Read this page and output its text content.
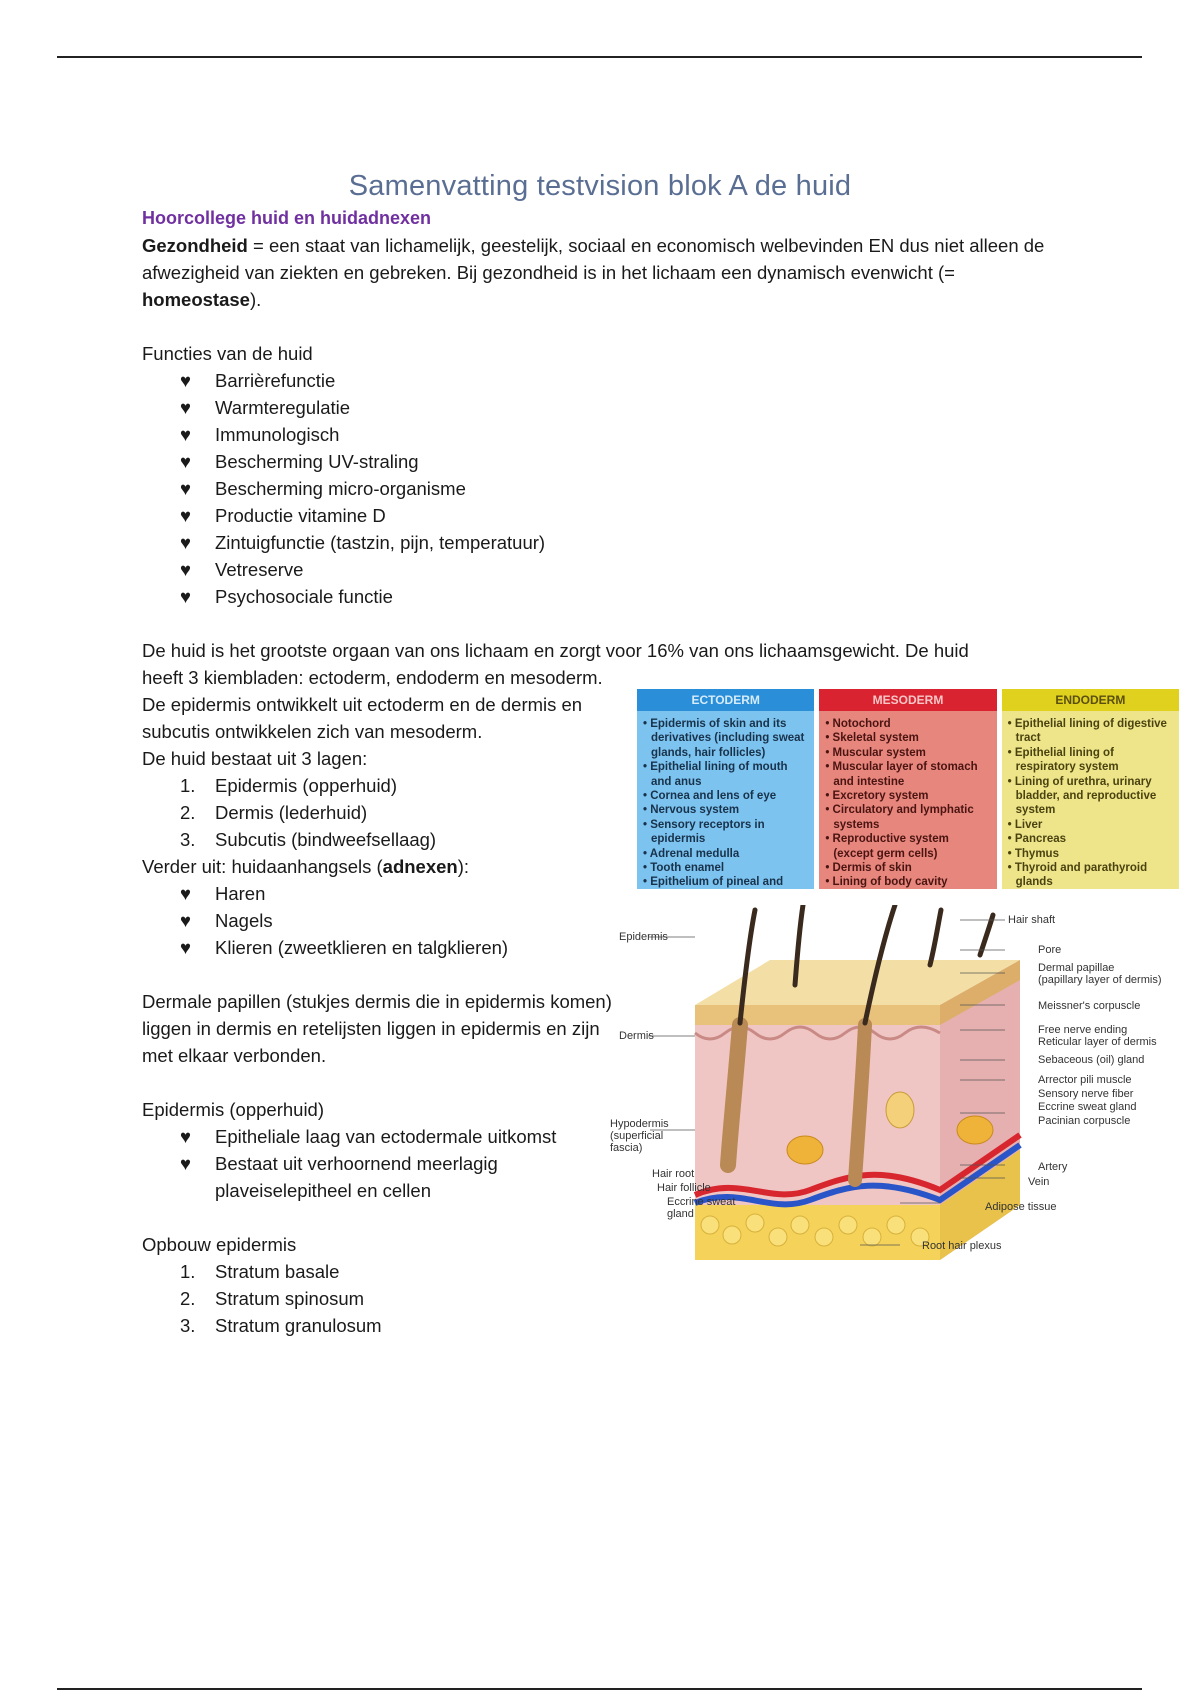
Samenvatting testvision blok A de huid

Hoorcollege huid en huidadnexen

Gezondheid = een staat van lichamelijk, geestelijk, sociaal en economisch welbevinden EN dus niet alleen de afwezigheid van ziekten en gebreken. Bij gezondheid is in het lichaam een dynamisch evenwicht (= homeostase).

Functies van de huid

♥	Barrièrefunctie
♥	Warmteregulatie
♥	Immunologisch
♥	Bescherming UV-straling
♥	Bescherming micro-organisme
♥	Productie vitamine D
♥	Zintuigfunctie (tastzin, pijn, temperatuur)
♥	Vetreserve
♥	Psychosociale functie

De huid is het grootste orgaan van ons lichaam en zorgt voor 16% van ons lichaamsgewicht. De huid

heeft 3 kiembladen: ectoderm, endoderm en mesoderm. De epidermis ontwikkelt uit ectoderm en de dermis en subcutis ontwikkelen zich van mesoderm.

De huid bestaat uit 3 lagen:

1.	Epidermis (opperhuid)
2.	Dermis (lederhuid)
3.	Subcutis (bindweefsellaag)

Verder uit: huidaanhangsels (adnexen):

♥	Haren
♥	Nagels
♥	Klieren (zweetklieren en talgklieren)

Dermale papillen (stukjes dermis die in epidermis komen) liggen in dermis en retelijsten liggen in epidermis en zijn met elkaar verbonden.

Epidermis (opperhuid)

♥	Epitheliale laag van ectodermale uitkomst
♥	Bestaat uit verhoornend meerlagig plaveiselepitheel en cellen

Opbouw epidermis

1.	Stratum basale
2.	Stratum spinosum
3.	Stratum granulosum
ECTODERM
• Epidermis of skin and its derivatives (including sweat glands, hair follicles)
• Epithelial lining of mouth and anus
• Cornea and lens of eye
• Nervous system
• Sensory receptors in epidermis
• Adrenal medulla
• Tooth enamel
• Epithelium of pineal and
MESODERM
• Notochord
• Skeletal system
• Muscular system
• Muscular layer of stomach and intestine
• Excretory system
• Circulatory and lymphatic systems
• Reproductive system (except germ cells)
• Dermis of skin
• Lining of body cavity
ENDODERM
• Epithelial lining of digestive tract
• Epithelial lining of respiratory system
• Lining of urethra, urinary bladder, and reproductive system
• Liver
• Pancreas
• Thymus
• Thyroid and parathyroid glands
Epidermis
Dermis
Hypodermis
(superficial
fascia)
Hair root
Hair follicle
Eccrine sweat
gland
Hair shaft
Pore
Dermal papillae
(papillary layer of dermis)
Meissner's corpuscle
Free nerve ending
Reticular layer of dermis
Sebaceous (oil) gland
Arrector pili muscle
Sensory nerve fiber
Eccrine sweat gland
Pacinian corpuscle
Artery
Vein
Adipose tissue
Root hair plexus
